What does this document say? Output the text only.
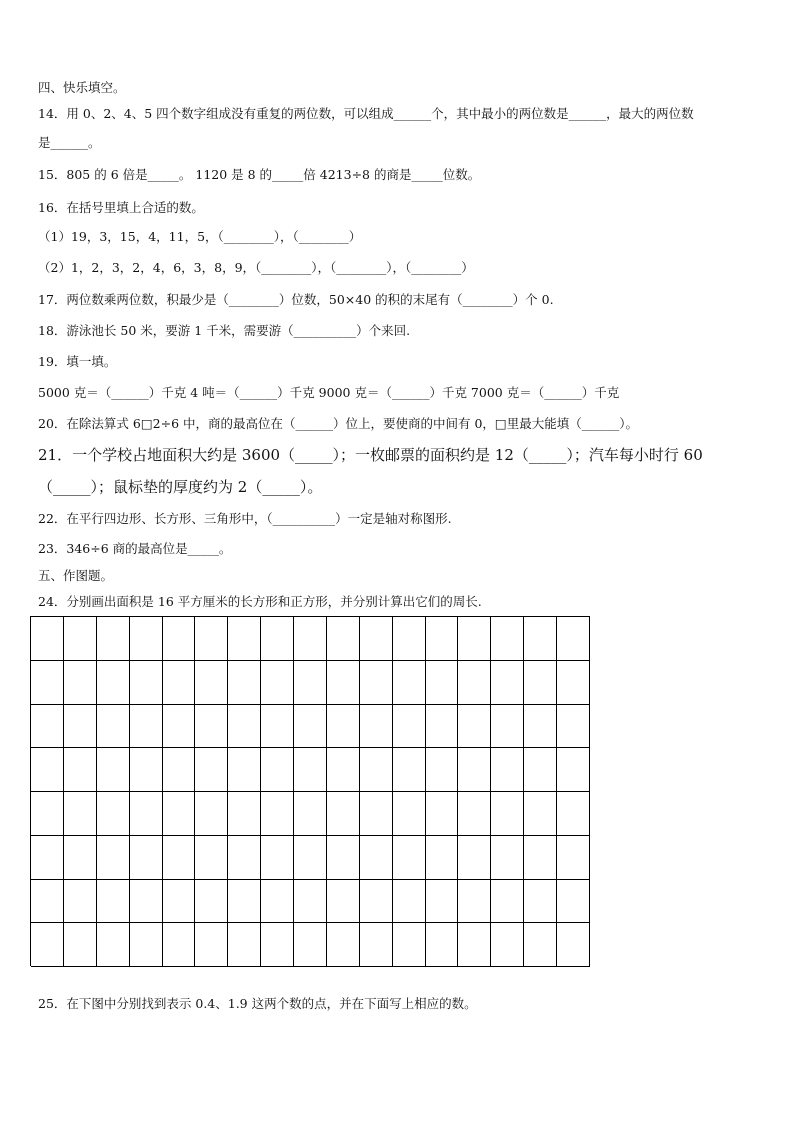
四、快乐填空。
14．用 0、2、4、5 四个数字组成没有重复的两位数，可以组成______个，其中最小的两位数是______，最大的两位数
是______。
15．805 的 6 倍是_____。 1120 是 8 的_____倍 4213÷8 的商是_____位数。
16．在括号里填上合适的数。
（1）19，3，15，4，11，5，（________），（________）
（2）1，2，3，2，4，6，3，8，9，（________），（________），（________）
17．两位数乘两位数，积最少是（________）位数，50×40 的积的末尾有（________）个 0.
18．游泳池长 50 米，要游 1 千米，需要游（__________）个来回.
19．填一填。
5000 克＝（______）千克 4 吨＝（______）千克 9000 克＝（______）千克 7000 克＝（______）千克
20．在除法算式 6□2÷6 中，商的最高位在（______）位上，要使商的中间有 0，□里最大能填（______）。
21．一个学校占地面积大约是 3600（_____）；一枚邮票的面积约是 12（_____）；汽车每小时行 60
（_____）；鼠标垫的厚度约为 2（_____）。
22．在平行四边形、长方形、三角形中，（__________）一定是轴对称图形.
23．346÷6 商的最高位是_____。
五、作图题。
24．分别画出面积是 16 平方厘米的长方形和正方形，并分别计算出它们的周长.
25．在下图中分别找到表示 0.4、1.9 这两个数的点，并在下面写上相应的数。
